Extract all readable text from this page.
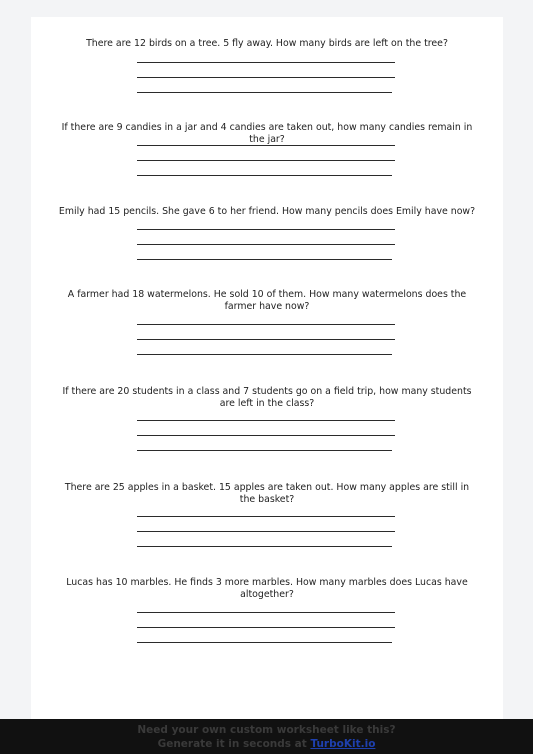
There are 12 birds on a tree. 5 fly away. How many birds are left on the tree?
If there are 9 candies in a jar and 4 candies are taken out, how many candies remain in the jar?
Emily had 15 pencils. She gave 6 to her friend. How many pencils does Emily have now?
A farmer had 18 watermelons. He sold 10 of them. How many watermelons does the farmer have now?
If there are 20 students in a class and 7 students go on a field trip, how many students are left in the class?
There are 25 apples in a basket. 15 apples are taken out. How many apples are still in the basket?
Lucas has 10 marbles. He finds 3 more marbles. How many marbles does Lucas have altogether?
Need your own custom worksheet like this?
Generate it in seconds at TurboKit.io
